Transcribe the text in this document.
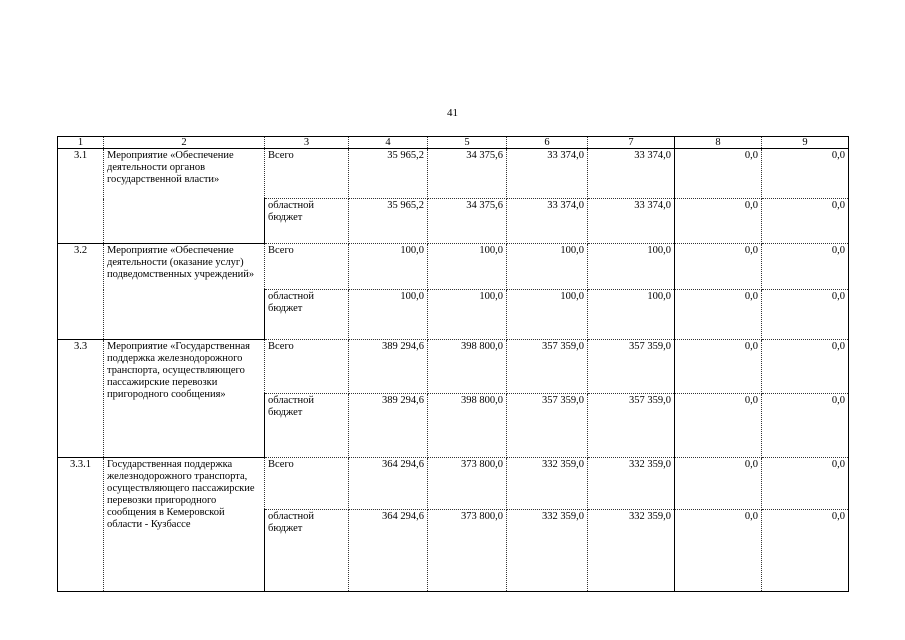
41
1	2	3	4	5	6	7	8	9
3.1	Мероприятие «Обеспечение деятельности органов государственной власти»	Всего	35 965,2	34 375,6	33 374,0	33 374,0	0,0	0,0
		областной бюджет	35 965,2	34 375,6	33 374,0	33 374,0	0,0	0,0
3.2	Мероприятие «Обеспечение деятельности (оказание услуг) подведомственных учреждений»	Всего	100,0	100,0	100,0	100,0	0,0	0,0
		областной бюджет	100,0	100,0	100,0	100,0	0,0	0,0
3.3	Мероприятие «Государственная поддержка железнодорожного транспорта, осуществляющего пассажирские перевозки пригородного сообщения»	Всего	389 294,6	398 800,0	357 359,0	357 359,0	0,0	0,0
		областной бюджет	389 294,6	398 800,0	357 359,0	357 359,0	0,0	0,0
3.3.1	Государственная поддержка железнодорожного транспорта, осуществляющего пассажирские перевозки пригородного сообщения в Кемеровской области - Кузбассе	Всего	364 294,6	373 800,0	332 359,0	332 359,0	0,0	0,0
		областной бюджет	364 294,6	373 800,0	332 359,0	332 359,0	0,0	0,0
